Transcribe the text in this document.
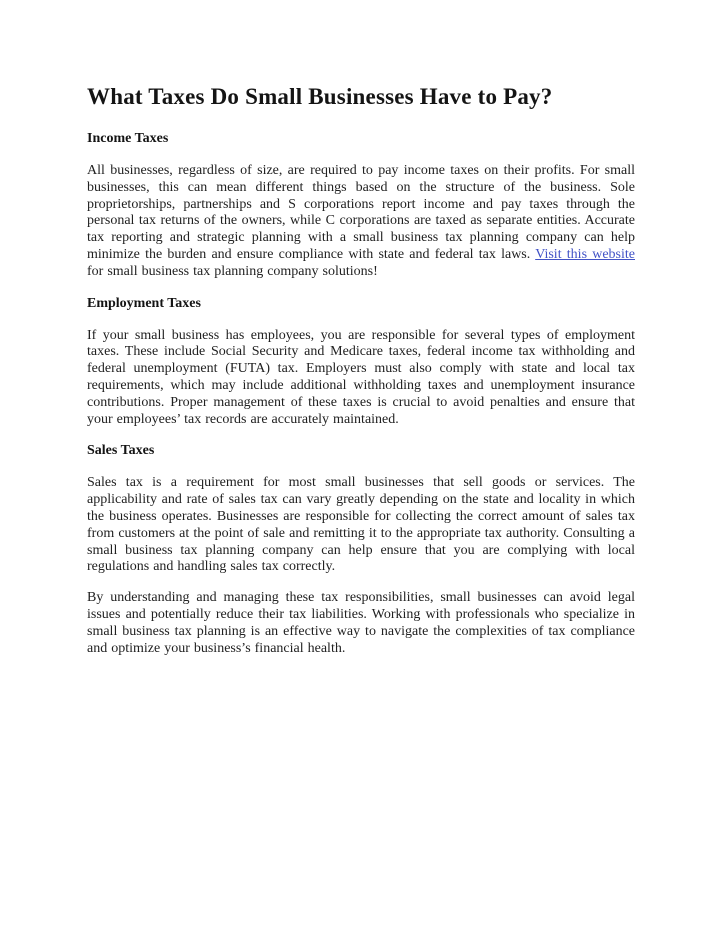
What Taxes Do Small Businesses Have to Pay?
Income Taxes

All businesses, regardless of size, are required to pay income taxes on their profits. For small businesses, this can mean different things based on the structure of the business. Sole proprietorships, partnerships and S corporations report income and pay taxes through the personal tax returns of the owners, while C corporations are taxed as separate entities. Accurate tax reporting and strategic planning with a small business tax planning company can help minimize the burden and ensure compliance with state and federal tax laws. Visit this website for small business tax planning company solutions!

Employment Taxes

If your small business has employees, you are responsible for several types of employment taxes. These include Social Security and Medicare taxes, federal income tax withholding and federal unemployment (FUTA) tax. Employers must also comply with state and local tax requirements, which may include additional withholding taxes and unemployment insurance contributions. Proper management of these taxes is crucial to avoid penalties and ensure that your employees’ tax records are accurately maintained.

Sales Taxes

Sales tax is a requirement for most small businesses that sell goods or services. The applicability and rate of sales tax can vary greatly depending on the state and locality in which the business operates. Businesses are responsible for collecting the correct amount of sales tax from customers at the point of sale and remitting it to the appropriate tax authority. Consulting a small business tax planning company can help ensure that you are complying with local regulations and handling sales tax correctly.

By understanding and managing these tax responsibilities, small businesses can avoid legal issues and potentially reduce their tax liabilities. Working with professionals who specialize in small business tax planning is an effective way to navigate the complexities of tax compliance and optimize your business’s financial health.
